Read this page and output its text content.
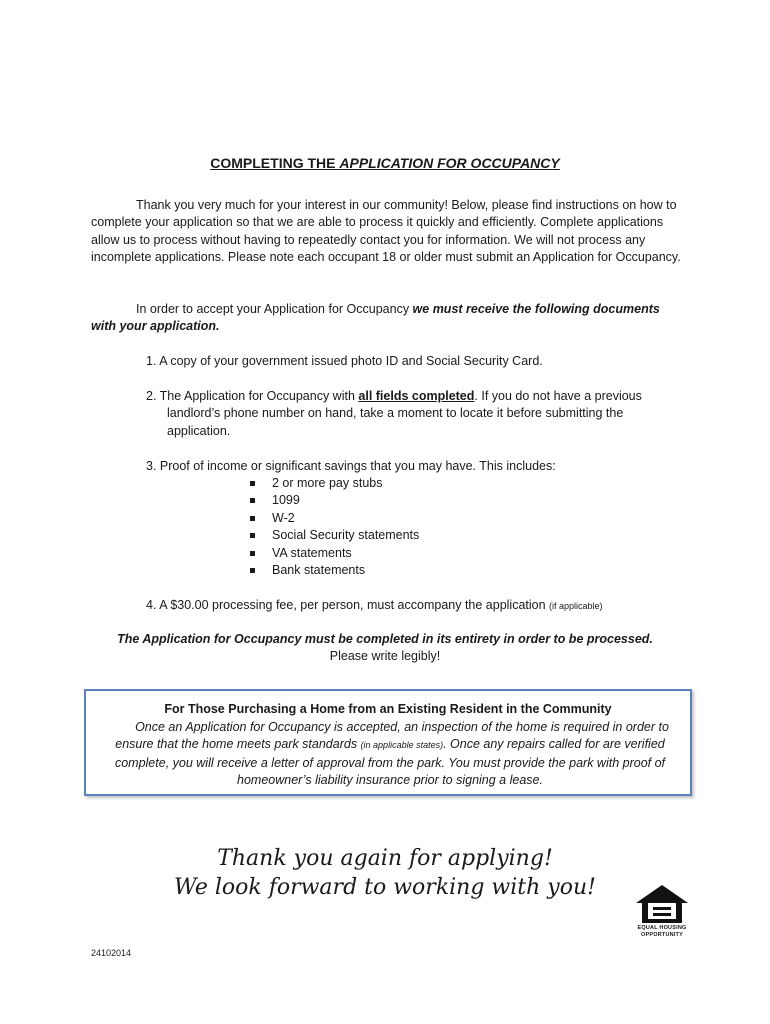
COMPLETING THE APPLICATION FOR OCCUPANCY

Thank you very much for your interest in our community! Below, please find instructions on how to complete your application so that we are able to process it quickly and efficiently. Complete applications allow us to process without having to repeatedly contact you for information. We will not process any incomplete applications. Please note each occupant 18 or older must submit an Application for Occupancy.

In order to accept your Application for Occupancy we must receive the following documents with your application.

1. A copy of your government issued photo ID and Social Security Card.

2. The Application for Occupancy with all fields completed. If you do not have a previous
landlord’s phone number on hand, take a moment to locate it before submitting the application.

3. Proof of income or significant savings that you may have. This includes:

2 or more pay stubs
1099
W-2
Social Security statements
VA statements
Bank statements

4. A $30.00 processing fee, per person, must accompany the application (if applicable)

The Application for Occupancy must be completed in its entirety in order to be processed.
Please write legibly!
For Those Purchasing a Home from an Existing Resident in the Community

Once an Application for Occupancy is accepted, an inspection of the home is required in order to ensure that the home meets park standards (in applicable states). Once any repairs called for are verified complete, you will receive a letter of approval from the park. You must provide the park with proof of homeowner’s liability insurance prior to signing a lease.

Thank you again for applying!
We look forward to working with you!
24102014
EQUAL HOUSING
OPPORTUNITY
